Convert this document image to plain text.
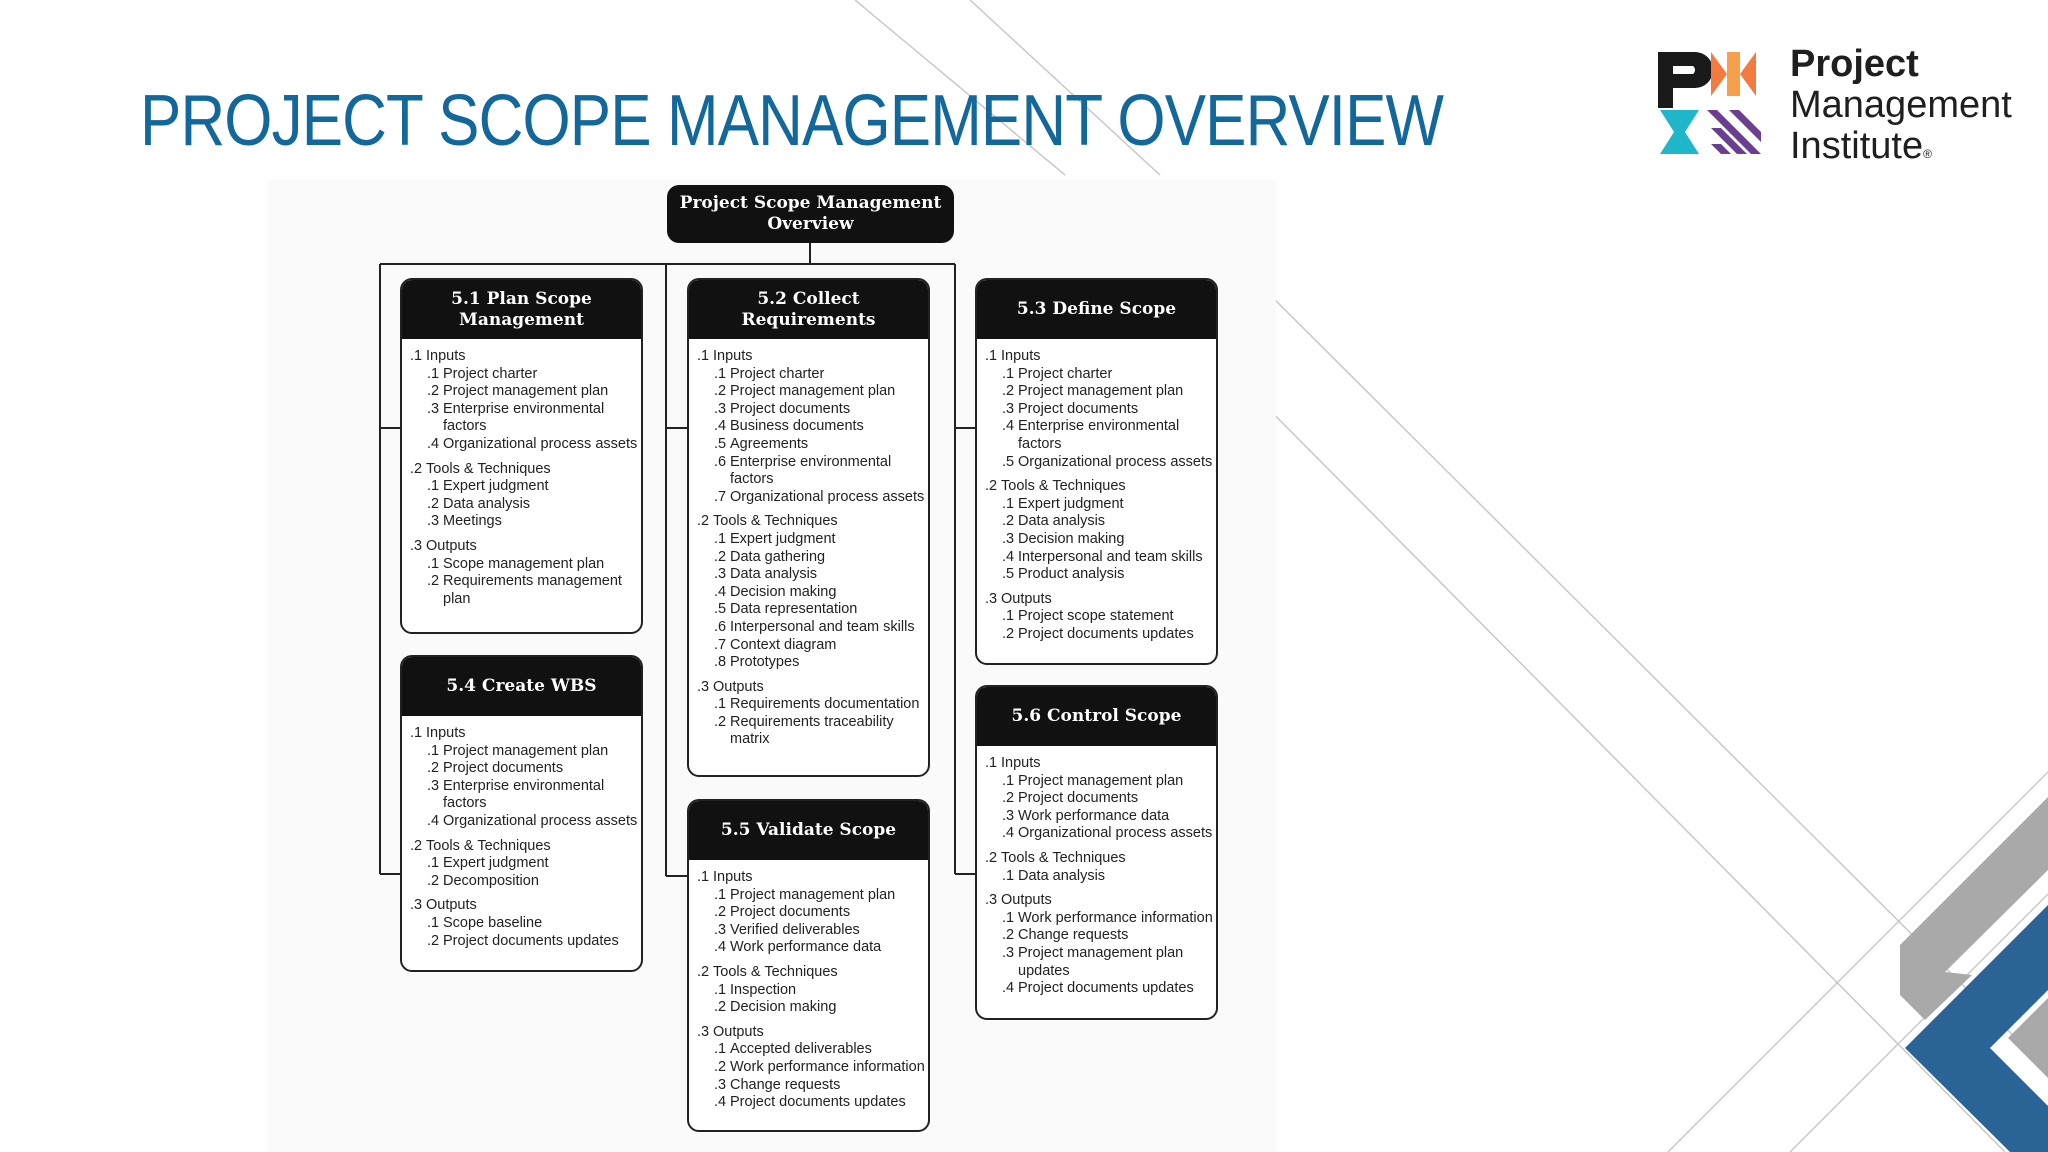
PROJECT SCOPE MANAGEMENT OVERVIEW
Project
Management
Institute®
Project Scope Management
Overview
5.1 Plan Scope
Management
.1 Inputs
.1 Project charter
.2 Project management plan
.3 Enterprise environmental
factors
.4 Organizational process assets
.2 Tools & Techniques
.1 Expert judgment
.2 Data analysis
.3 Meetings
.3 Outputs
.1 Scope management plan
.2 Requirements management
plan
5.2 Collect
Requirements
.1 Inputs
.1 Project charter
.2 Project management plan
.3 Project documents
.4 Business documents
.5 Agreements
.6 Enterprise environmental
factors
.7 Organizational process assets
.2 Tools & Techniques
.1 Expert judgment
.2 Data gathering
.3 Data analysis
.4 Decision making
.5 Data representation
.6 Interpersonal and team skills
.7 Context diagram
.8 Prototypes
.3 Outputs
.1 Requirements documentation
.2 Requirements traceability
matrix
5.3 Define Scope
.1 Inputs
.1 Project charter
.2 Project management plan
.3 Project documents
.4 Enterprise environmental
factors
.5 Organizational process assets
.2 Tools & Techniques
.1 Expert judgment
.2 Data analysis
.3 Decision making
.4 Interpersonal and team skills
.5 Product analysis
.3 Outputs
.1 Project scope statement
.2 Project documents updates
5.4 Create WBS
.1 Inputs
.1 Project management plan
.2 Project documents
.3 Enterprise environmental
factors
.4 Organizational process assets
.2 Tools & Techniques
.1 Expert judgment
.2 Decomposition
.3 Outputs
.1 Scope baseline
.2 Project documents updates
5.5 Validate Scope
.1 Inputs
.1 Project management plan
.2 Project documents
.3 Verified deliverables
.4 Work performance data
.2 Tools & Techniques
.1 Inspection
.2 Decision making
.3 Outputs
.1 Accepted deliverables
.2 Work performance information
.3 Change requests
.4 Project documents updates
5.6 Control Scope
.1 Inputs
.1 Project management plan
.2 Project documents
.3 Work performance data
.4 Organizational process assets
.2 Tools & Techniques
.1 Data analysis
.3 Outputs
.1 Work performance information
.2 Change requests
.3 Project management plan
updates
.4 Project documents updates
